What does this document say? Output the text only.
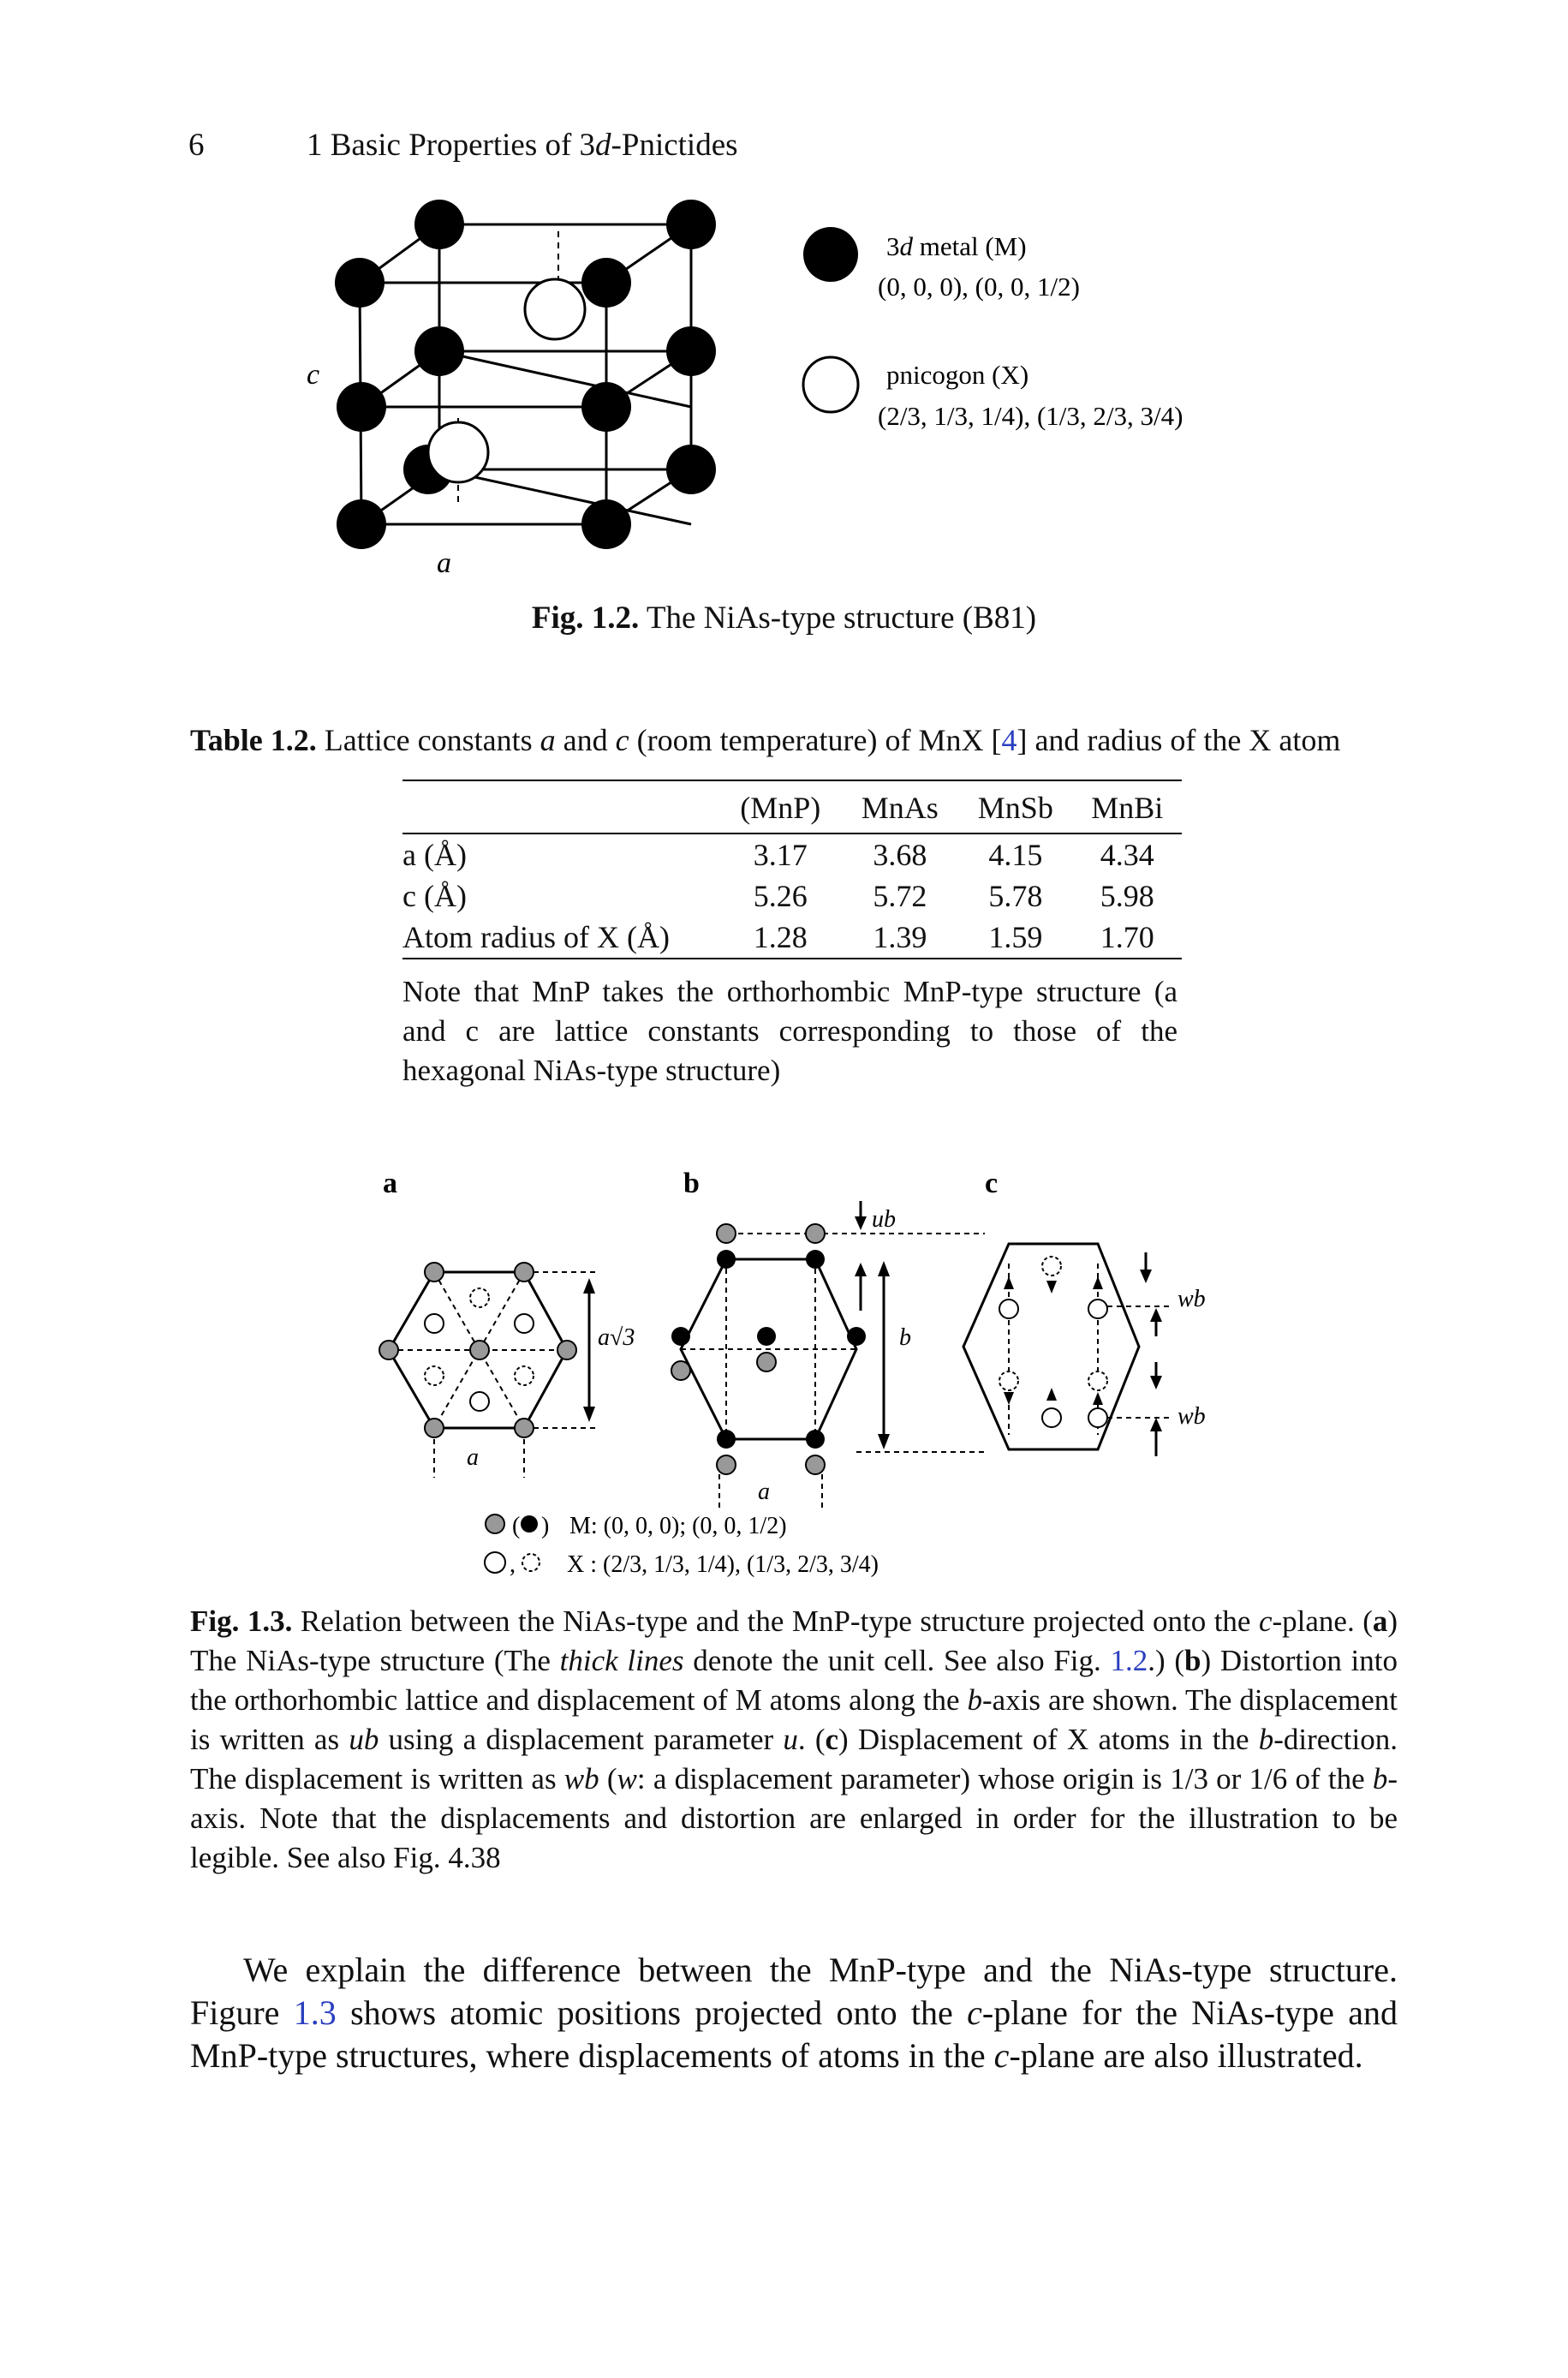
6	1 Basic Properties of 3d-Pnictides
c
a
3d metal (M)
(0, 0, 0), (0, 0, 1/2)
pnicogon (X)
(2/3, 1/3, 1/4), (1/3, 2/3, 3/4)
Fig. 1.2. The NiAs-type structure (B81)
Table 1.2. Lattice constants a and c (room temperature) of MnX [4] and radius of the X atom
	(MnP)	MnAs	MnSb	MnBi
a (Å)	3.17	3.68	4.15	4.34
c (Å)	5.26	5.72	5.78	5.98
Atom radius of X (Å)	1.28	1.39	1.59	1.70
Note that MnP takes the orthorhombic MnP-type structure (a and c are lattice constants corresponding to those of the hexagonal NiAs-type structure)
a	b	c
a√3
a
ub
b
a
wb
wb
( ) M: (0, 0, 0); (0, 0, 1/2)
, X : (2/3, 1/3, 1/4), (1/3, 2/3, 3/4)
Fig. 1.3. Relation between the NiAs-type and the MnP-type structure projected onto the c-plane. (a) The NiAs-type structure (The thick lines denote the unit cell. See also Fig. 1.2.) (b) Distortion into the orthorhombic lattice and displacement of M atoms along the b-axis are shown. The displacement is written as ub using a displacement parameter u. (c) Displacement of X atoms in the b-direction. The displacement is written as wb (w: a displacement parameter) whose origin is 1/3 or 1/6 of the b-axis. Note that the displacements and distortion are enlarged in order for the illustration to be legible. See also Fig. 4.38

We explain the difference between the MnP-type and the NiAs-type structure. Figure 1.3 shows atomic positions projected onto the c-plane for the NiAs-type and MnP-type structures, where displacements of atoms in the c-plane are also illustrated.
